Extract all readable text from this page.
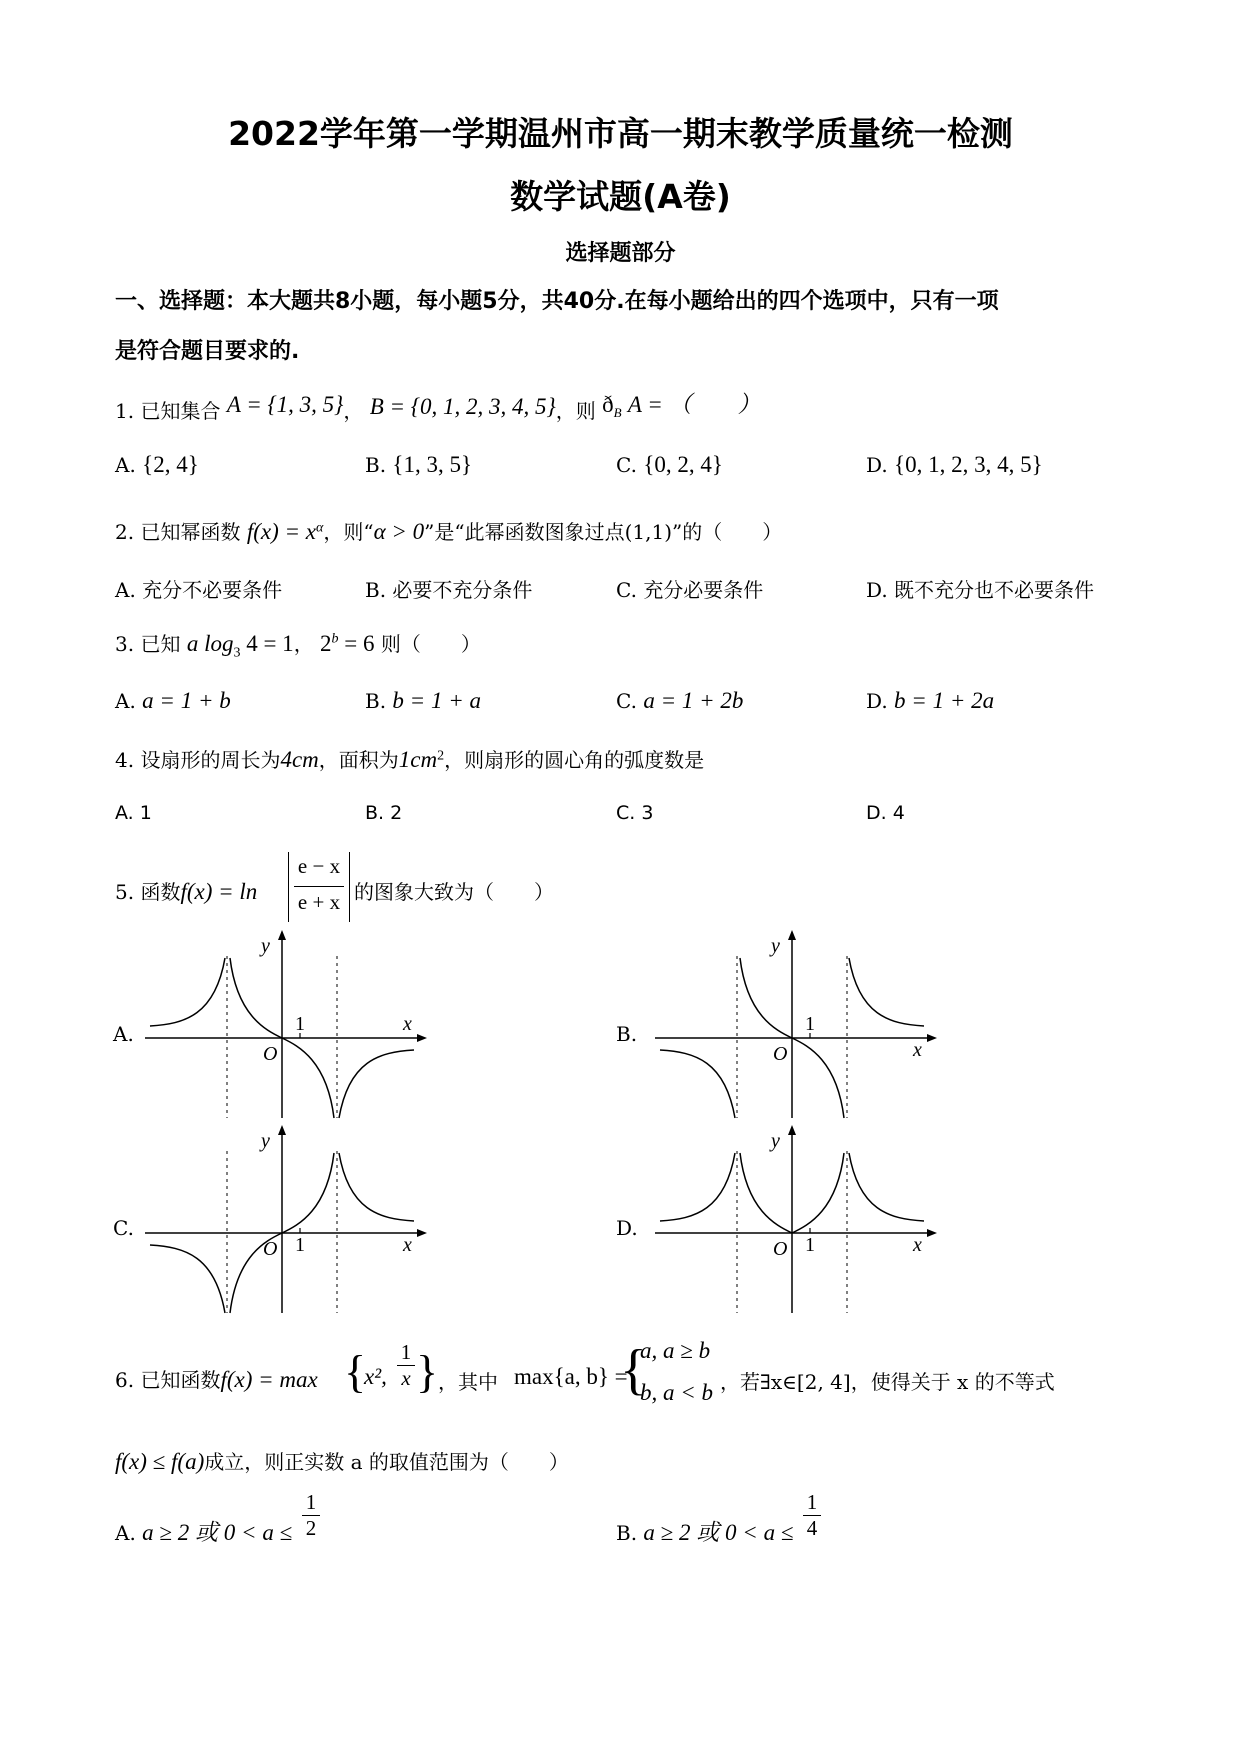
2022学年第一学期温州市高一期末教学质量统一检测
数学试题(A卷)
选择题部分
一、选择题：本大题共8小题，每小题5分，共40分.在每小题给出的四个选项中，只有一项
是符合题目要求的.
1. 已知集合 A = {1, 3, 5}， B = {0, 1, 2, 3, 4, 5}，则 $ð_B$ A = （　　）
A. {2, 4}	B. {1, 3, 5}	C. {0, 2, 4}	D. {0, 1, 2, 3, 4, 5}
2. 已知幂函数 $f(x) = x^\alpha$，则“α > 0”是“此幂函数图象过点(1,1)”的（　　）
A. 充分不必要条件	B. 必要不充分条件	C. 充分必要条件	D. 既不充分也不必要条件
3. 已知 a $\log_3 4 = 1$， $2^b = 6$ 则（　　）
A. a = 1 + b	B. b = 1 + a	C. a = 1 + 2b	D. b = 1 + 2a
4. 设扇形的周长为4cm，面积为$1cm^2$，则扇形的圆心角的弧度数是
A. 1	B. 2	C. 3	D. 4
5. 函数f(x) = ln
e − x
e + x 的图象大致为（　　）
A.	B.
C.	D.
y
x
O
1
y
x
O
1
y
x
O 1
y
x
O 1
6. 已知函数f(x) = max {
x²,
1
x } ，其中 max{a, b} =
{
a, a ≥ b
b, a < b ，若∃x∈[2, 4]，使得关于 x 的不等式
f(x) ≤ f(a)成立，则正实数 a 的取值范围为（　　）
A. a ≥ 2 或 0 < a ≤
1
2	B. a ≥ 2 或 0 < a ≤
1
4
